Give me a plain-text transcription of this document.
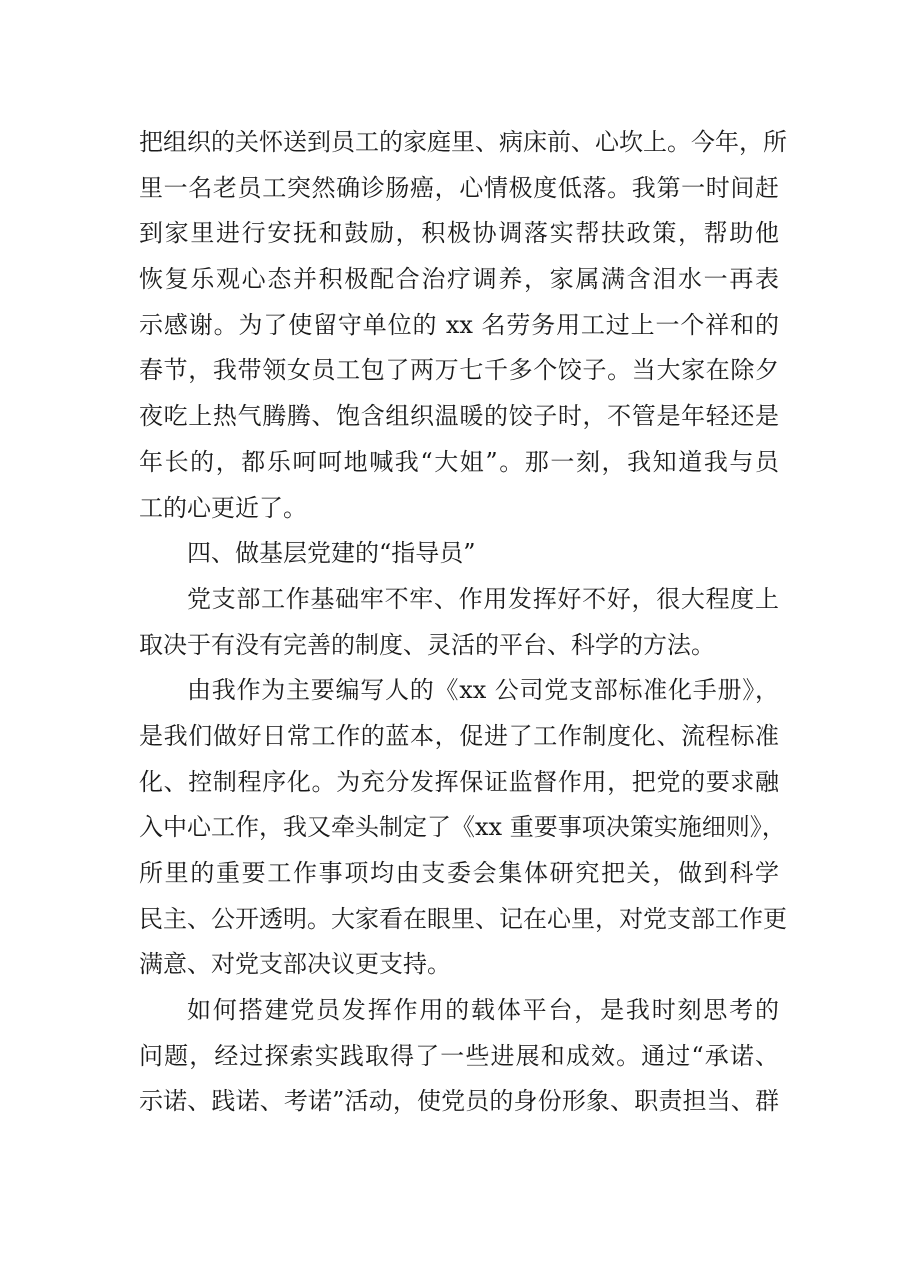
把组织的关怀送到员工的家庭里、病床前、心坎上。今年，所
里一名老员工突然确诊肠癌，心情极度低落。我第一时间赶
到家里进行安抚和鼓励，积极协调落实帮扶政策，帮助他
恢复乐观心态并积极配合治疗调养，家属满含泪水一再表
示感谢。为了使留守单位的 xx 名劳务用工过上一个祥和的
春节，我带领女员工包了两万七千多个饺子。当大家在除夕
夜吃上热气腾腾、饱含组织温暖的饺子时，不管是年轻还是
年长的，都乐呵呵地喊我“大姐”。那一刻，我知道我与员
工的心更近了。
四、做基层党建的“指导员”
党支部工作基础牢不牢、作用发挥好不好，很大程度上
取决于有没有完善的制度、灵活的平台、科学的方法。
由我作为主要编写人的《xx 公司党支部标准化手册》，
是我们做好日常工作的蓝本，促进了工作制度化、流程标准
化、控制程序化。为充分发挥保证监督作用，把党的要求融
入中心工作，我又牵头制定了《xx 重要事项决策实施细则》，
所里的重要工作事项均由支委会集体研究把关，做到科学
民主、公开透明。大家看在眼里、记在心里，对党支部工作更
满意、对党支部决议更支持。
如何搭建党员发挥作用的载体平台，是我时刻思考的
问题，经过探索实践取得了一些进展和成效。通过“承诺、
示诺、践诺、考诺”活动，使党员的身份形象、职责担当、群
